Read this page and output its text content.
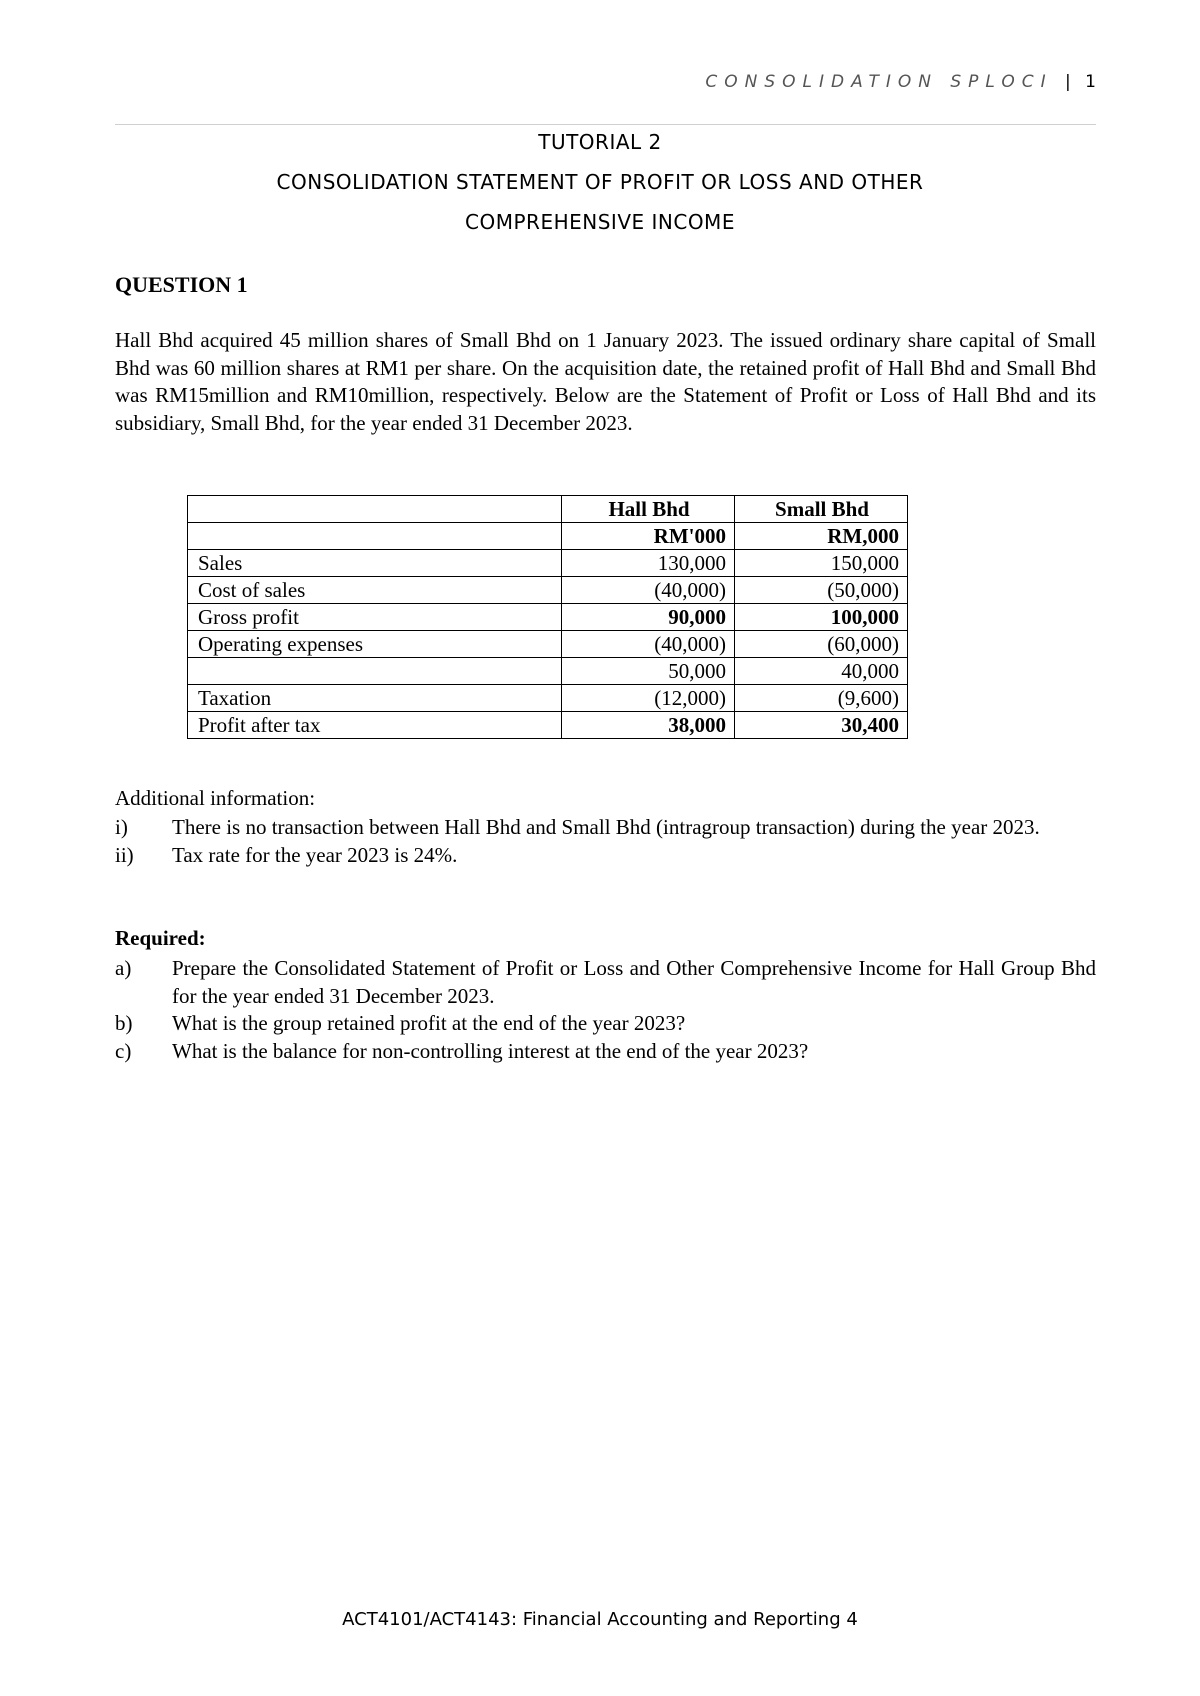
CONSOLIDATION SPLOCI | 1
TUTORIAL 2
CONSOLIDATION STATEMENT OF PROFIT OR LOSS AND OTHER
COMPREHENSIVE INCOME
QUESTION 1
Hall Bhd acquired 45 million shares of Small Bhd on 1 January 2023. The issued ordinary share capital of Small Bhd was 60 million shares at RM1 per share. On the acquisition date, the retained profit of Hall Bhd and Small Bhd was RM15million and RM10million, respectively. Below are the Statement of Profit or Loss of Hall Bhd and its subsidiary, Small Bhd, for the year ended 31 December 2023.
	Hall Bhd	Small Bhd
	RM'000	RM,000
Sales	130,000	150,000
Cost of sales	(40,000)	(50,000)
Gross profit	90,000	100,000
Operating expenses	(40,000)	(60,000)
	50,000	40,000
Taxation	(12,000)	(9,600)
Profit after tax	38,000	30,400
Additional information:
i)	There is no transaction between Hall Bhd and Small Bhd (intragroup transaction) during the year 2023.
ii)	Tax rate for the year 2023 is 24%.
Required:
a)	Prepare the Consolidated Statement of Profit or Loss and Other Comprehensive Income for Hall Group Bhd for the year ended 31 December 2023.
b)	What is the group retained profit at the end of the year 2023?
c)	What is the balance for non-controlling interest at the end of the year 2023?
ACT4101/ACT4143: Financial Accounting and Reporting 4
